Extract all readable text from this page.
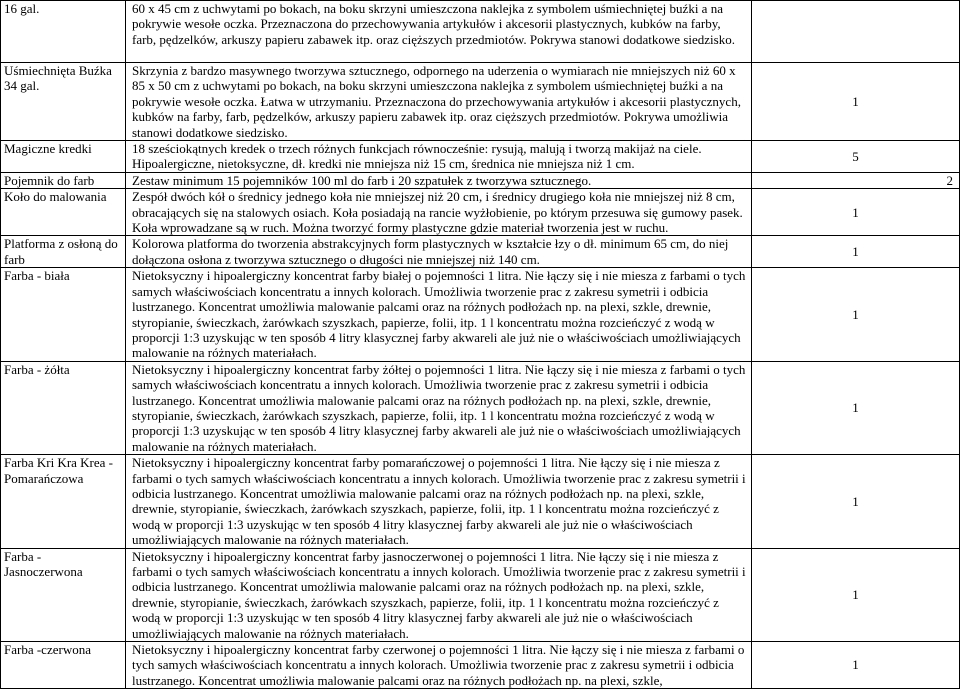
16 gal.	60 x 45 cm z uchwytami po bokach, na boku skrzyni umieszczona naklejka z symbolem uśmiechniętej buźki a na pokrywie wesołe oczka. Przeznaczona do przechowywania artykułów i akcesorii plastycznych, kubków na farby, farb, pędzelków, arkuszy papieru zabawek itp. oraz cięższych przedmiotów. Pokrywa stanowi dodatkowe siedzisko.	
Uśmiechnięta Buźka 34 gal.	Skrzynia z bardzo masywnego tworzywa sztucznego, odpornego na uderzenia o wymiarach nie mniejszych niż 60 x 85 x 50 cm z uchwytami po bokach, na boku skrzyni umieszczona naklejka z symbolem uśmiechniętej buźki a na pokrywie wesołe oczka. Łatwa w utrzymaniu. Przeznaczona do przechowywania artykułów i akcesorii plastycznych, kubków na farby, farb, pędzelków, arkuszy papieru zabawek itp. oraz cięższych przedmiotów. Pokrywa umożliwia stanowi dodatkowe siedzisko.	1
Magiczne kredki	18 sześciokątnych kredek o trzech różnych funkcjach równocześnie: rysują, malują i tworzą makijaż na ciele. Hipoalergiczne, nietoksyczne, dł. kredki nie mniejsza niż 15 cm, średnica nie mniejsza niż 1 cm.	5
Pojemnik do farb	Zestaw minimum 15 pojemników 100 ml do farb i 20 szpatułek z tworzywa sztucznego.	2
Koło do malowania	Zespół dwóch kół o średnicy jednego koła nie mniejszej niż 20 cm, i średnicy drugiego koła nie mniejszej niż 8 cm, obracających się na stalowych osiach. Koła posiadają na rancie wyżłobienie, po którym przesuwa się gumowy pasek. Koła wprowadzane są w ruch. Można tworzyć formy plastyczne gdzie materiał tworzenia jest w ruchu.	1
Platforma z osłoną do farb	Kolorowa platforma do tworzenia abstrakcyjnych form plastycznych w kształcie łzy o dł. minimum 65 cm, do niej dołączona osłona z tworzywa sztucznego o długości nie mniejszej niż 140 cm.	1
Farba - biała	Nietoksyczny i hipoalergiczny koncentrat farby białej o pojemności 1 litra. Nie łączy się i nie miesza z farbami o tych samych właściwościach koncentratu a innych kolorach. Umożliwia tworzenie prac z zakresu symetrii i odbicia lustrzanego. Koncentrat umożliwia malowanie palcami oraz na różnych podłożach np. na plexi, szkle, drewnie, styropianie, świeczkach, żarówkach szyszkach, papierze, folii, itp. 1 l koncentratu można rozcieńczyć z wodą w proporcji 1:3 uzyskując w ten sposób 4 litry klasycznej farby akwareli ale już nie o właściwościach umożliwiających malowanie na różnych materiałach.	1
Farba - żółta	Nietoksyczny i hipoalergiczny koncentrat farby żółtej o pojemności 1 litra. Nie łączy się i nie miesza z farbami o tych samych właściwościach koncentratu a innych kolorach. Umożliwia tworzenie prac z zakresu symetrii i odbicia lustrzanego. Koncentrat umożliwia malowanie palcami oraz na różnych podłożach np. na plexi, szkle, drewnie, styropianie, świeczkach, żarówkach szyszkach, papierze, folii, itp. 1 l koncentratu można rozcieńczyć z wodą w proporcji 1:3 uzyskując w ten sposób 4 litry klasycznej farby akwareli ale już nie o właściwościach umożliwiających malowanie na różnych materiałach.	1
Farba Kri Kra Krea - Pomarańczowa	Nietoksyczny i hipoalergiczny koncentrat farby pomarańczowej o pojemności 1 litra. Nie łączy się i nie miesza z farbami o tych samych właściwościach koncentratu a innych kolorach. Umożliwia tworzenie prac z zakresu symetrii i odbicia lustrzanego. Koncentrat umożliwia malowanie palcami oraz na różnych podłożach np. na plexi, szkle, drewnie, styropianie, świeczkach, żarówkach szyszkach, papierze, folii, itp. 1 l koncentratu można rozcieńczyć z wodą w proporcji 1:3 uzyskując w ten sposób 4 litry klasycznej farby akwareli ale już nie o właściwościach umożliwiających malowanie na różnych materiałach.	1
Farba - Jasnoczerwona	Nietoksyczny i hipoalergiczny koncentrat farby jasnoczerwonej o pojemności 1 litra. Nie łączy się i nie miesza z farbami o tych samych właściwościach koncentratu a innych kolorach. Umożliwia tworzenie prac z zakresu symetrii i odbicia lustrzanego. Koncentrat umożliwia malowanie palcami oraz na różnych podłożach np. na plexi, szkle, drewnie, styropianie, świeczkach, żarówkach szyszkach, papierze, folii, itp. 1 l koncentratu można rozcieńczyć z wodą w proporcji 1:3 uzyskując w ten sposób 4 litry klasycznej farby akwareli ale już nie o właściwościach umożliwiających malowanie na różnych materiałach.	1
Farba -czerwona	Nietoksyczny i hipoalergiczny koncentrat farby czerwonej o pojemności 1 litra. Nie łączy się i nie miesza z farbami o tych samych właściwościach koncentratu a innych kolorach. Umożliwia tworzenie prac z zakresu symetrii i odbicia lustrzanego. Koncentrat umożliwia malowanie palcami oraz na różnych podłożach np. na plexi, szkle,	1
